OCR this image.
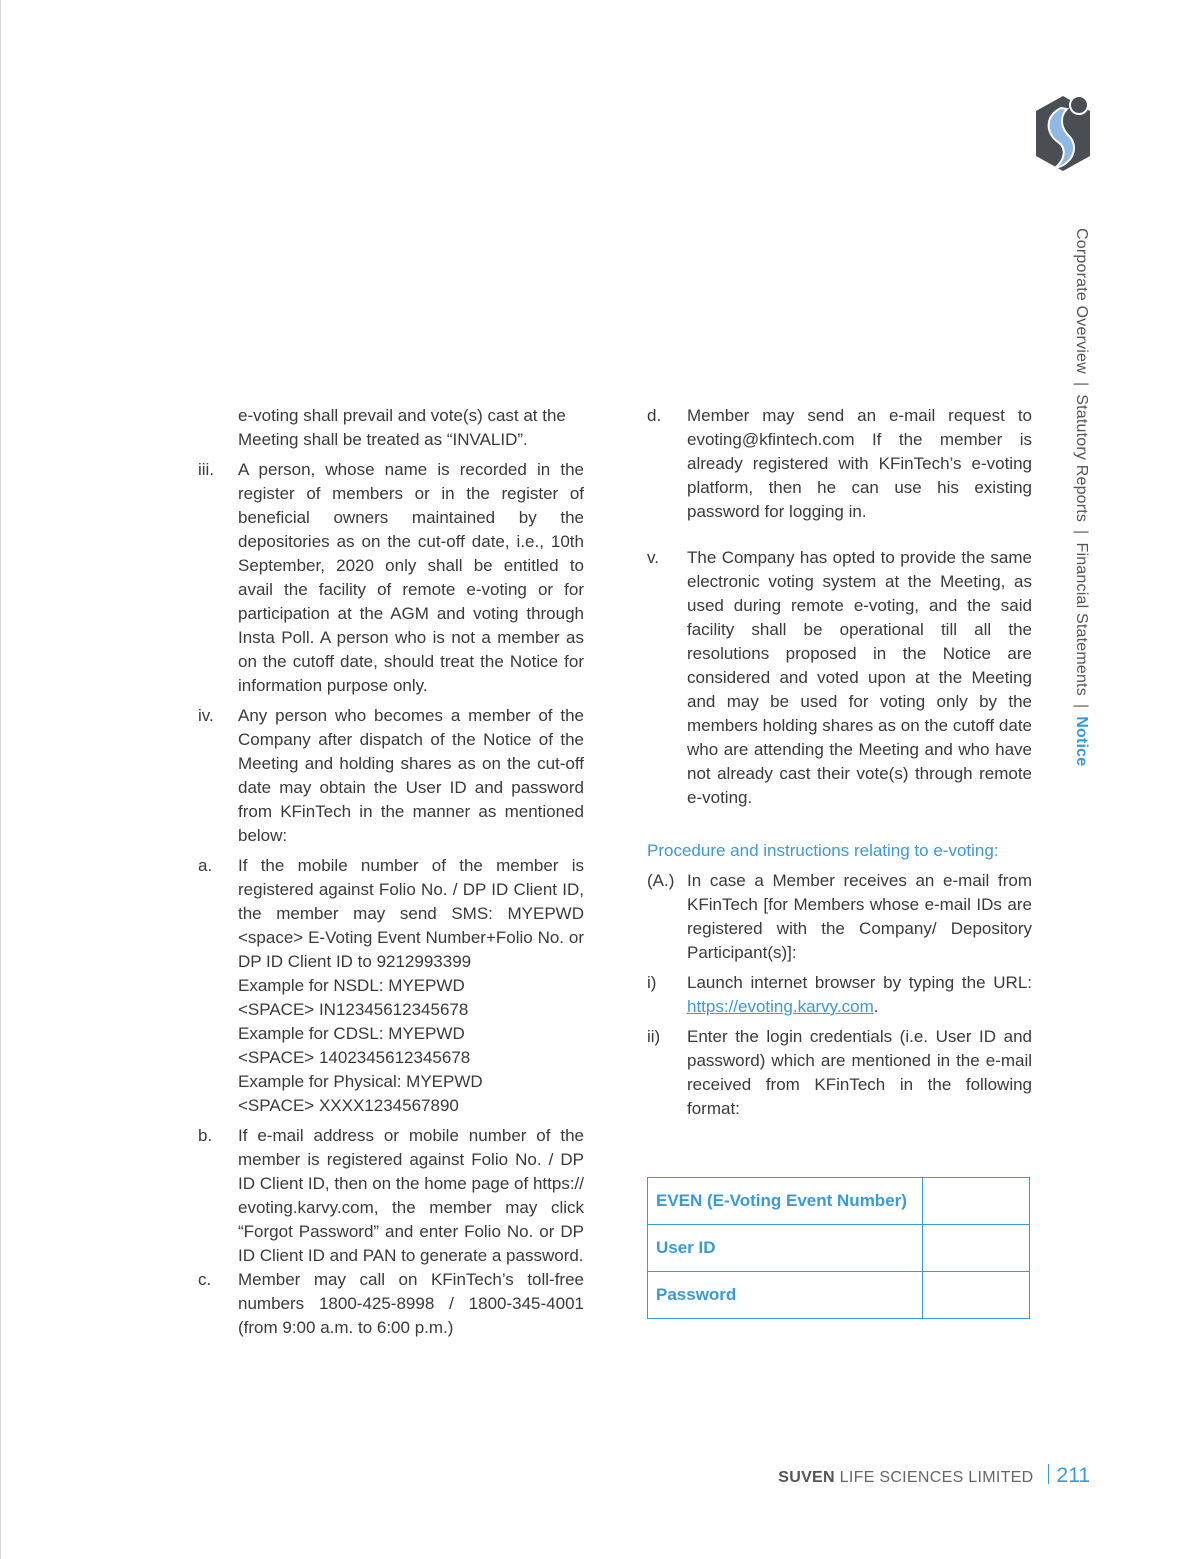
Corporate Overview|Statutory Reports|Financial Statements|Notice
e-voting shall prevail and vote(s) cast at the
Meeting shall be treated as “INVALID”.
iii.	A person, whose name is recorded in the register of members or in the register of beneficial owners maintained by the depositories as on the cut-off date, i.e., 10th September, 2020 only shall be entitled to avail the facility of remote e-voting or for participation at the AGM and voting through Insta Poll. A person who is not a member as on the cutoff date, should treat the Notice for information purpose only.
iv.	Any person who becomes a member of the Company after dispatch of the Notice of the Meeting and holding shares as on the cut-off date may obtain the User ID and password from KFinTech in the manner as mentioned below:
a.	If the mobile number of the member is registered against Folio No. / DP ID Client ID, the member may send SMS: MYEPWD <space> E-Voting Event Number+Folio No. or DP ID Client ID to 9212993399
Example for NSDL: MYEPWD
<SPACE> IN12345612345678
Example for CDSL: MYEPWD
<SPACE> 1402345612345678
Example for Physical: MYEPWD
<SPACE> XXXX1234567890
b.	If e-mail address or mobile number of the member is registered against Folio No. / DP ID Client ID, then on the home page of https:// evoting.karvy.com, the member may click “Forgot Password” and enter Folio No. or DP ID Client ID and PAN to generate a password.
c.	Member may call on KFinTech’s toll-free numbers 1800-425-8998 / 1800-345-4001 (from 9:00 a.m. to 6:00 p.m.)
d.	Member may send an e-mail request to evoting@kfintech.com If the member is already registered with KFinTech’s e-voting platform, then he can use his existing password for logging in.
v.	The Company has opted to provide the same electronic voting system at the Meeting, as used during remote e-voting, and the said facility shall be operational till all the resolutions proposed in the Notice are considered and voted upon at the Meeting and may be used for voting only by the members holding shares as on the cutoff date who are attending the Meeting and who have not already cast their vote(s) through remote e-voting.
Procedure and instructions relating to e-voting:
(A.) In case a Member receives an e-mail from KFinTech [for Members whose e-mail IDs are registered with the Company/ Depository Participant(s)]:
i)	Launch internet browser by typing the URL: https://evoting.karvy.com.
ii)	Enter the login credentials (i.e. User ID and password) which are mentioned in the e-mail received from KFinTech in the following format:
EVEN (E-Voting Event Number)	
User ID	
Password	
SUVEN LIFE SCIENCES LIMITED 211
